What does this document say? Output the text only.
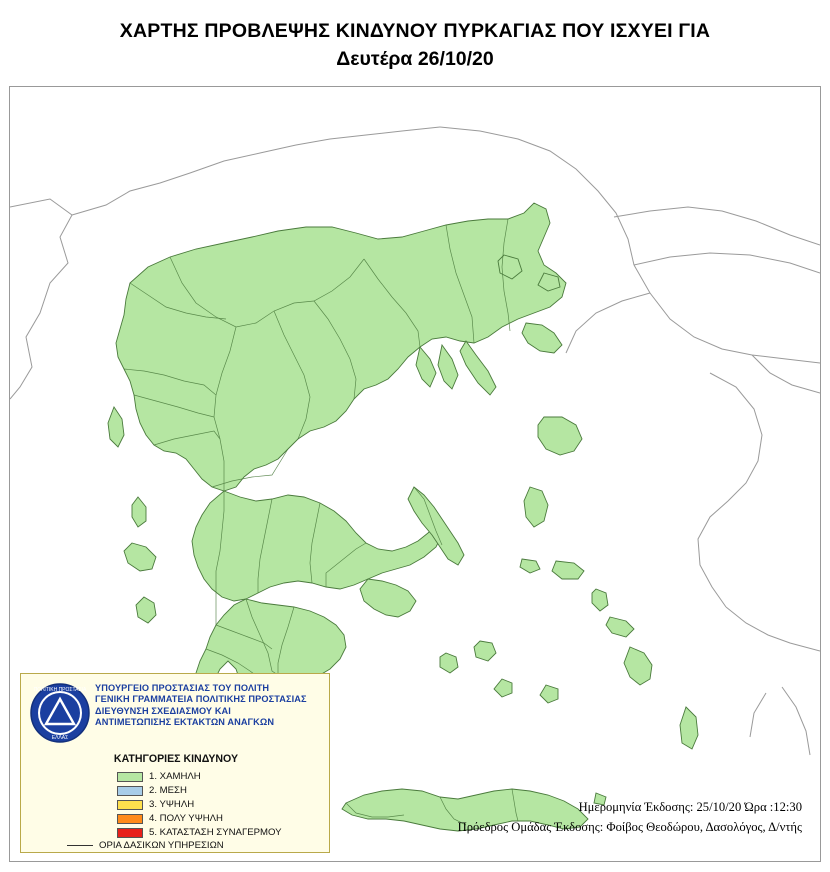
ΧΑΡΤΗΣ ΠΡΟΒΛΕΨΗΣ ΚΙΝΔΥΝΟΥ ΠΥΡΚΑΓΙΑΣ ΠΟΥ ΙΣΧΥΕΙ ΓΙΑ
Δευτέρα 26/10/20
ΠΟΛΙΤΙΚΗ ΠΡΟΣΤΑΣΙΑ
ΕΛΛΑΣ
ΥΠΟΥΡΓΕΙΟ ΠΡΟΣΤΑΣΙΑΣ ΤΟΥ ΠΟΛΙΤΗ
ΓΕΝΙΚΗ ΓΡΑΜΜΑΤΕΙΑ ΠΟΛΙΤΙΚΗΣ ΠΡΟΣΤΑΣΙΑΣ
ΔΙΕΥΘΥΝΣΗ ΣΧΕΔΙΑΣΜΟΥ ΚΑΙ
ΑΝΤΙΜΕΤΩΠΙΣΗΣ ΕΚΤΑΚΤΩΝ ΑΝΑΓΚΩΝ
ΚΑΤΗΓΟΡΙΕΣ ΚΙΝΔΥΝΟΥ
1. ΧΑΜΗΛΗ
2. ΜΕΣΗ
3. ΥΨΗΛΗ
4. ΠΟΛΥ ΥΨΗΛΗ
5. ΚΑΤΑΣΤΑΣΗ ΣΥΝΑΓΕΡΜΟΥ
ΟΡΙΑ ΔΑΣΙΚΩΝ ΥΠΗΡΕΣΙΩΝ
Ημερομηνία Έκδοσης: 25/10/20 Ώρα :12:30
Πρόεδρος Ομάδας Έκδοσης: Φοίβος Θεοδώρου, Δασολόγος, Δ/ντής
